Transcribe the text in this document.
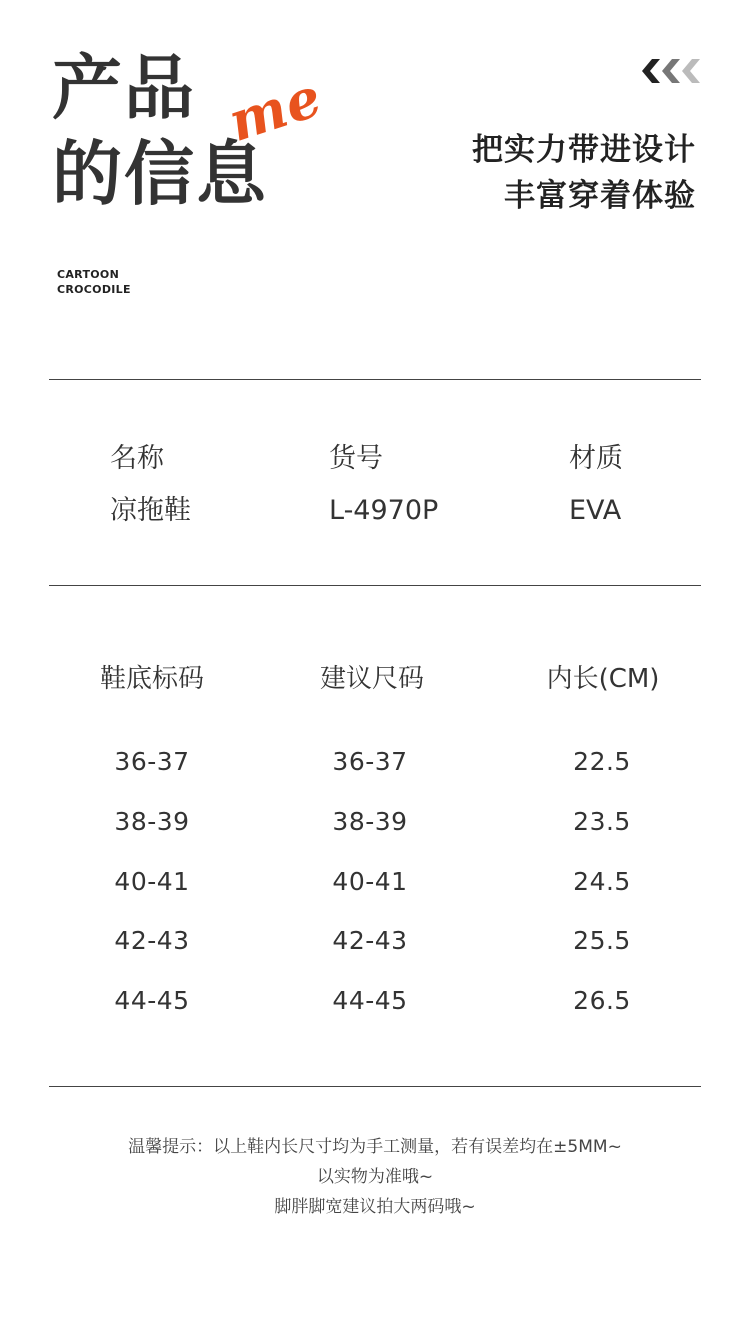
产品
的信息
me	把实力带进设计
丰富穿着体验
CARTOON
CROCODILE
名称	货号	材质
凉拖鞋	L-4970P	EVA
鞋底标码	建议尺码	内长(CM)
36-37	36-37	22.5
38-39	38-39	23.5
40-41	40-41	24.5
42-43	42-43	25.5
44-45	44-45	26.5
温馨提示：以上鞋内长尺寸均为手工测量，若有误差均在±5MM~
以实物为准哦~
脚胖脚宽建议拍大两码哦~
